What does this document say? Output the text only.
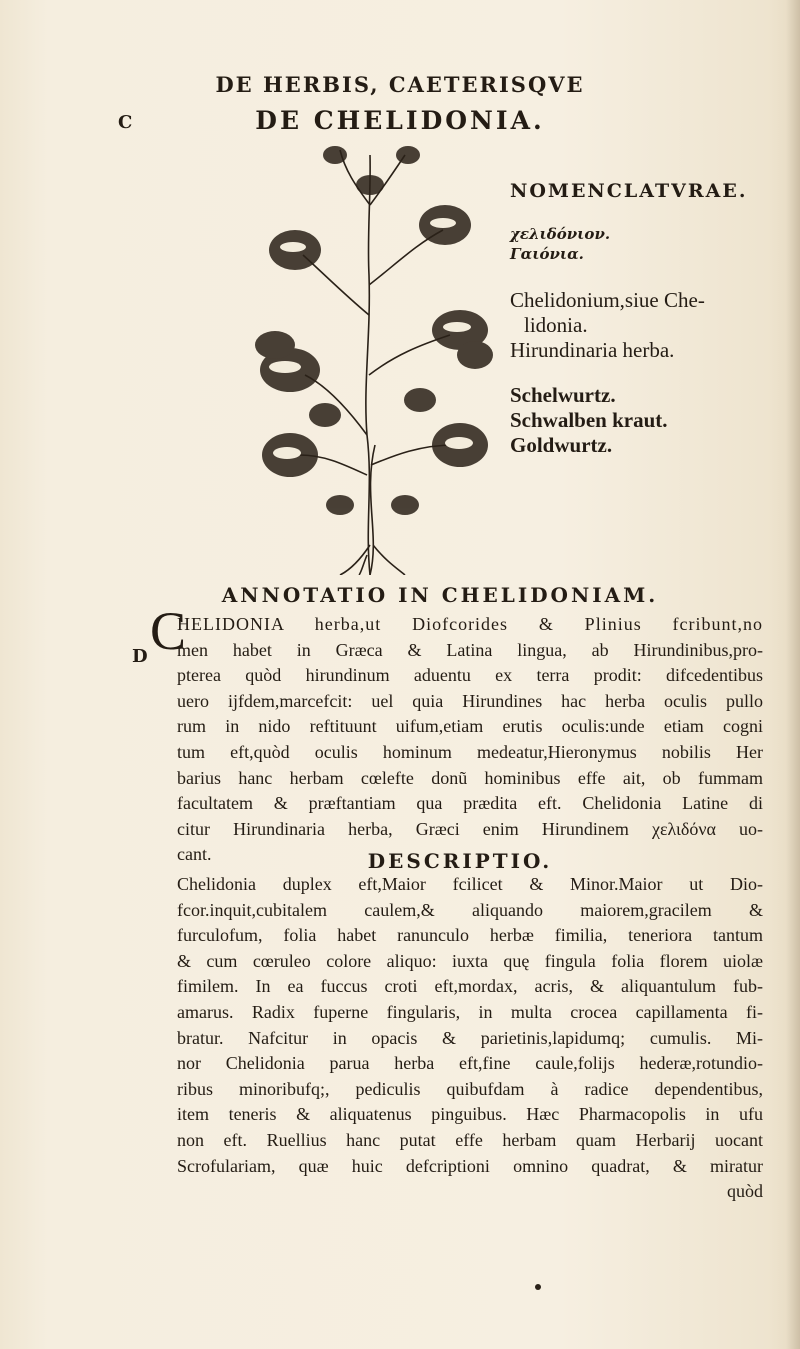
DE HERBIS, CAETERISQVE
DE CHELIDONIA.
C
D
NOMENCLATVRAE.
χελιδόνιον.
Γαιόνια.
Chelidonium,siue Che-
lidonia.
Hirundinaria herba.
Schelwurtz.
Schwalben kraut.
Goldwurtz.
ANNOTATIO IN CHELIDONIAM.
C
HELIDONIA herba,ut Diofcorides & Plinius fcribunt,no
men habet in Græca & Latina lingua, ab Hirundinibus,pro-
pterea quòd hirundinum aduentu ex terra prodit: difcedentibus
uero ijfdem,marcefcit: uel quia Hirundines hac herba oculis pullo
rum in nido reftituunt uifum,etiam erutis oculis:unde etiam cogni
tum eft,quòd oculis hominum medeatur,Hieronymus nobilis Her
barius hanc herbam cœlefte donũ hominibus effe ait, ob fummam
facultatem & præftantiam qua prædita eft. Chelidonia Latine di
citur Hirundinaria herba, Græci enim Hirundinem χελιδόνα uo-
cant.	DESCRIPTIO.
Chelidonia duplex eft,Maior fcilicet & Minor.Maior ut Dio-
fcor.inquit,cubitalem caulem,& aliquando maiorem,gracilem &
furculofum, folia habet ranunculo herbæ fimilia, teneriora tantum
& cum cœruleo colore aliquo: iuxta quę fingula folia florem uiolæ
fimilem. In ea fuccus croti eft,mordax, acris, & aliquantulum fub-
amarus. Radix fuperne fingularis, in multa crocea capillamenta fi-
bratur. Nafcitur in opacis & parietinis,lapidumq; cumulis. Mi-
nor Chelidonia parua herba eft,fine caule,folijs hederæ,rotundio-
ribus minoribufq;, pediculis quibufdam à radice dependentibus,
item teneris & aliquatenus pinguibus. Hæc Pharmacopolis in ufu
non eft. Ruellius hanc putat effe herbam quam Herbarij uocant
Scrofulariam, quæ huic defcriptioni omnino quadrat, & miratur
quòd
